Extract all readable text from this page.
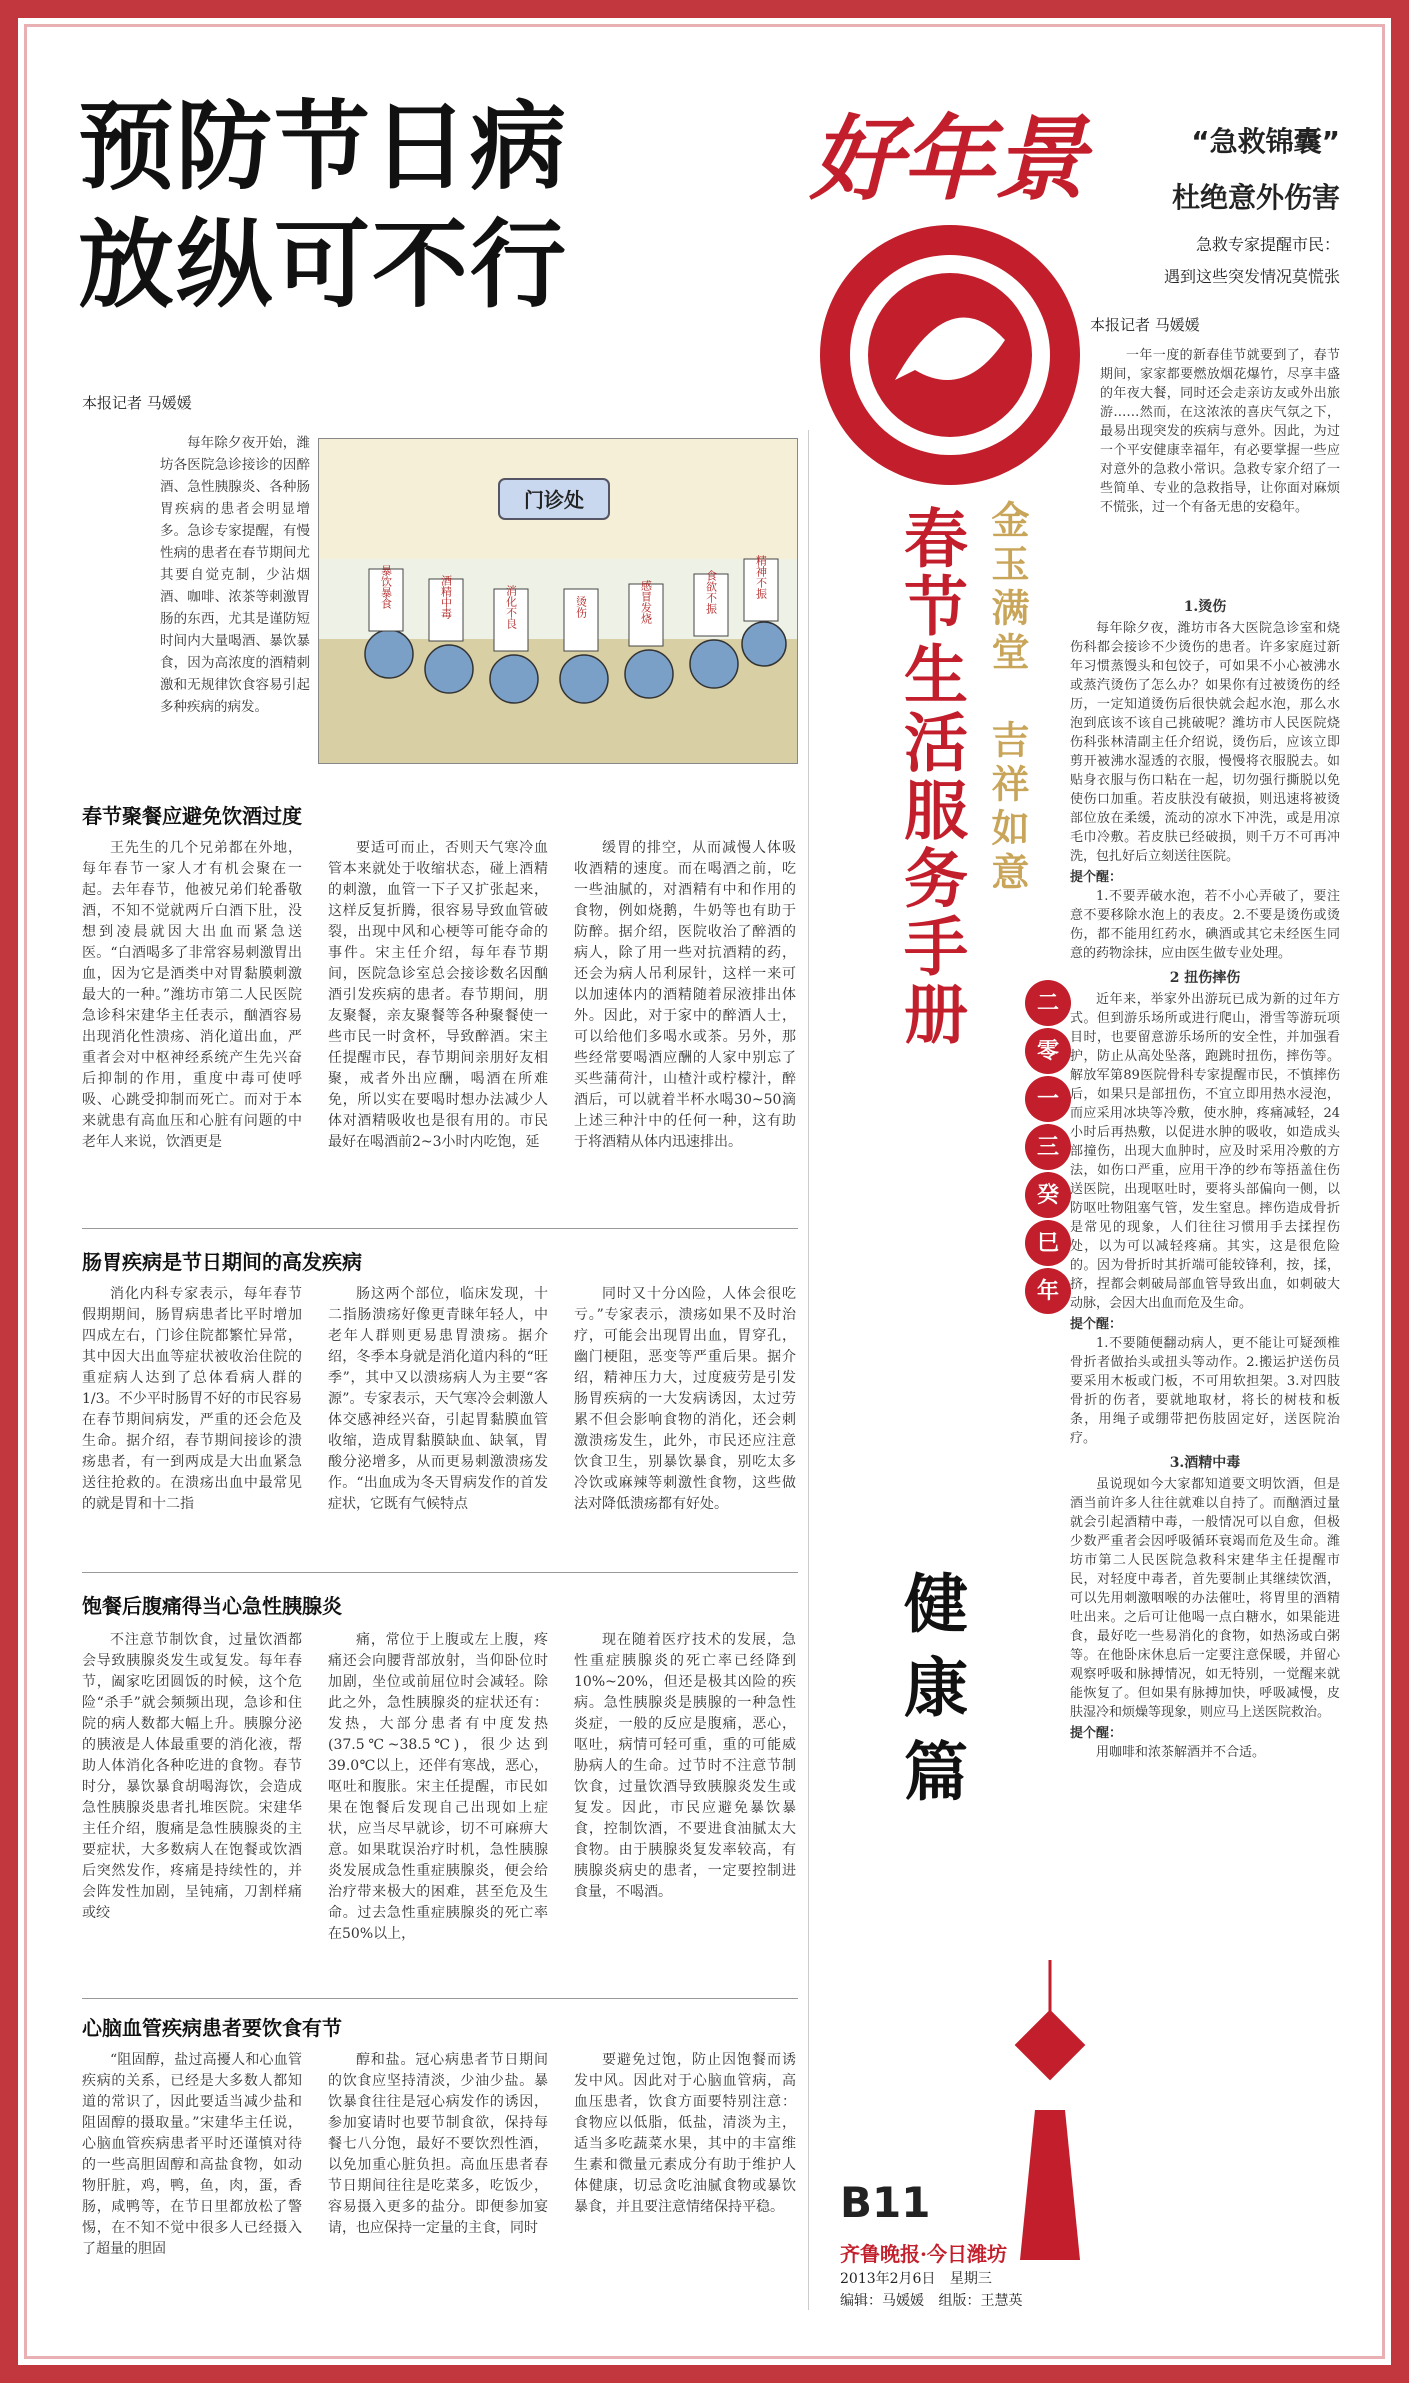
预防节日病
放纵可不行
本报记者 马媛媛

每年除夕夜开始，潍坊各医院急诊接诊的因醉酒、急性胰腺炎、各种肠胃疾病的患者会明显增多。急诊专家提醒，有慢性病的患者在春节期间尤其要自觉克制，少沾烟酒、咖啡、浓茶等刺激胃肠的东西，尤其是谨防短时间内大量喝酒、暴饮暴食，因为高浓度的酒精刺激和无规律饮食容易引起多种疾病的病发。

门诊处
暴饮暴食	酒精中毒	消化不良	烫伤	感冒发烧	食欲不振	精神不振
春节聚餐应避免饮酒过度

王先生的几个兄弟都在外地，每年春节一家人才有机会聚在一起。去年春节，他被兄弟们轮番敬酒，不知不觉就两斤白酒下肚，没想到凌晨就因大出血而紧急送医。“白酒喝多了非常容易刺激胃出血，因为它是酒类中对胃黏膜刺激最大的一种。”潍坊市第二人民医院急诊科宋建华主任表示，酗酒容易出现消化性溃疡、消化道出血，严重者会对中枢神经系统产生先兴奋后抑制的作用，重度中毒可使呼吸、心跳受抑制而死亡。而对于本来就患有高血压和心脏有问题的中老年人来说，饮酒更是

要适可而止，否则天气寒冷血管本来就处于收缩状态，碰上酒精的刺激，血管一下子又扩张起来，这样反复折腾，很容易导致血管破裂，出现中风和心梗等可能夺命的事件。宋主任介绍，每年春节期间，医院急诊室总会接诊数名因酗酒引发疾病的患者。春节期间，朋友聚餐，亲友聚餐等各种聚餐使一些市民一时贪杯，导致醉酒。宋主任提醒市民，春节期间亲朋好友相聚，戒者外出应酬，喝酒在所难免，所以实在要喝时想办法减少人体对酒精吸收也是很有用的。市民最好在喝酒前2~3小时内吃饱，延

缓胃的排空，从而减慢人体吸收酒精的速度。而在喝酒之前，吃一些油腻的，对酒精有中和作用的食物，例如烧鹅，牛奶等也有助于防醉。据介绍，医院收治了醉酒的病人，除了用一些对抗酒精的药，还会为病人吊利尿针，这样一来可以加速体内的酒精随着尿液排出体外。因此，对于家中的醉酒人士，可以给他们多喝水或茶。另外，那些经常要喝酒应酬的人家中别忘了买些蒲荷汁，山楂汁或柠檬汁，醉酒后，可以就着半杯水喝30~50滴上述三种汁中的任何一种，这有助于将酒精从体内迅速排出。

肠胃疾病是节日期间的高发疾病

消化内科专家表示，每年春节假期期间，肠胃病患者比平时增加四成左右，门诊住院都繁忙异常，其中因大出血等症状被收治住院的重症病人达到了总体看病人群的1/3。不少平时肠胃不好的市民容易在春节期间病发，严重的还会危及生命。据介绍，春节期间接诊的溃疡患者，有一到两成是大出血紧急送往抢救的。在溃疡出血中最常见的就是胃和十二指

肠这两个部位，临床发现，十二指肠溃疡好像更青睐年轻人，中老年人群则更易患胃溃疡。据介绍，冬季本身就是消化道内科的“旺季”，其中又以溃疡病人为主要“客源”。专家表示，天气寒冷会刺激人体交感神经兴奋，引起胃黏膜血管收缩，造成胃黏膜缺血、缺氧，胃酸分泌增多，从而更易刺激溃疡发作。“出血成为冬天胃病发作的首发症状，它既有气候特点

同时又十分凶险，人体会很吃亏。”专家表示，溃疡如果不及时治疗，可能会出现胃出血，胃穿孔，幽门梗阻，恶变等严重后果。据介绍，精神压力大，过度疲劳是引发肠胃疾病的一大发病诱因，太过劳累不但会影响食物的消化，还会刺激溃疡发生，此外，市民还应注意饮食卫生，别暴饮暴食，别吃太多冷饮或麻辣等刺激性食物，这些做法对降低溃疡都有好处。

饱餐后腹痛得当心急性胰腺炎

不注意节制饮食，过量饮酒都会导致胰腺炎发生或复发。每年春节，阖家吃团圆饭的时候，这个危险“杀手”就会频频出现，急诊和住院的病人数都大幅上升。胰腺分泌的胰液是人体最重要的消化液，帮助人体消化各种吃进的食物。春节时分，暴饮暴食胡喝海饮，会造成急性胰腺炎患者扎堆医院。宋建华主任介绍，腹痛是急性胰腺炎的主要症状，大多数病人在饱餐或饮酒后突然发作，疼痛是持续性的，并会阵发性加剧，呈钝痛，刀割样痛或绞

痛，常位于上腹或左上腹，疼痛还会向腰背部放射，当仰卧位时加剧，坐位或前屈位时会减轻。除此之外，急性胰腺炎的症状还有：发热，大部分患者有中度发热(37.5℃~38.5℃)，很少达到39.0℃以上，还伴有寒战，恶心，呕吐和腹胀。宋主任提醒，市民如果在饱餐后发现自己出现如上症状，应当尽早就诊，切不可麻痹大意。如果耽误治疗时机，急性胰腺炎发展成急性重症胰腺炎，便会给治疗带来极大的困难，甚至危及生命。过去急性重症胰腺炎的死亡率在50%以上，

现在随着医疗技术的发展，急性重症胰腺炎的死亡率已经降到10%~20%，但还是极其凶险的疾病。急性胰腺炎是胰腺的一种急性炎症，一般的反应是腹痛，恶心，呕吐，病情可轻可重，重的可能威胁病人的生命。过节时不注意节制饮食，过量饮酒导致胰腺炎发生或复发。因此，市民应避免暴饮暴食，控制饮酒，不要进食油腻太大食物。由于胰腺炎复发率较高，有胰腺炎病史的患者，一定要控制进食量，不喝酒。

心脑血管疾病患者要饮食有节

“阻固醇，盐过高擾人和心血管疾病的关系，已经是大多数人都知道的常识了，因此要适当减少盐和阻固醇的摄取量。”宋建华主任说，心脑血管疾病患者平时还谨慎对待的一些高胆固醇和高盐食物，如动物肝脏，鸡，鸭，鱼，肉，蛋，香肠，咸鸭等，在节日里都放松了警惕，在不知不觉中很多人已经摄入了超量的胆固

醇和盐。冠心病患者节日期间的饮食应坚持清淡，少油少盐。暴饮暴食往往是冠心病发作的诱因，参加宴请时也要节制食欲，保持每餐七八分饱，最好不要饮烈性酒，以免加重心脏负担。高血压患者春节日期间往往是吃菜多，吃饭少，容易摄入更多的盐分。即便参加宴请，也应保持一定量的主食，同时

要避免过饱，防止因饱餐而诱发中风。因此对于心脑血管病，高血压患者，饮食方面要特别注意：食物应以低脂，低盐，清淡为主，适当多吃蔬菜水果，其中的丰富维生素和微量元素成分有助于维护人体健康，切忌贪吃油腻食物或暴饮暴食，并且要注意情绪保持平稳。

好年景
春节生活服务手册 金玉满堂
吉祥如意
二
零
一
三
癸
巳
年
健康篇
“急救锦囊”
杜绝意外伤害
急救专家提醒市民：
遇到这些突发情况莫慌张
本报记者 马媛媛

一年一度的新春佳节就要到了，春节期间，家家都要燃放烟花爆竹，尽享丰盛的年夜大餐，同时还会走亲访友或外出旅游……然而，在这浓浓的喜庆气氛之下，最易出现突发的疾病与意外。因此，为过一个平安健康幸福年，有必要掌握一些应对意外的急救小常识。急救专家介绍了一些简单、专业的急救指导，让你面对麻烦不慌张，过一个有备无患的安稳年。

1.烫伤

每年除夕夜，潍坊市各大医院急诊室和烧伤科都会接诊不少烫伤的患者。许多家庭过新年习惯蒸馒头和包饺子，可如果不小心被沸水或蒸汽烫伤了怎么办？如果你有过被烫伤的经历，一定知道烫伤后很快就会起水泡，那么水泡到底该不该自己挑破呢？潍坊市人民医院烧伤科张林清副主任介绍说，烫伤后，应该立即剪开被沸水湿透的衣服，慢慢将衣服脱去。如贴身衣服与伤口粘在一起，切勿强行撕脱以免使伤口加重。若皮肤没有破损，则迅速将被烫部位放在柔缓，流动的凉水下冲洗，或是用凉毛巾冷敷。若皮肤已经破损，则千万不可再冲洗，包扎好后立刻送往医院。

提个醒：

1.不要弄破水泡，若不小心弄破了，要注意不要移除水泡上的表皮。2.不要是烫伤或烫伤，都不能用红药水，碘酒或其它未经医生同意的药物涂抹，应由医生做专业处理。

2 扭伤摔伤

近年来，举家外出游玩已成为新的过年方式。但到游乐场所或进行爬山，滑雪等游玩项目时，也要留意游乐场所的安全性，并加强看护，防止从高处坠落，跑跳时扭伤，摔伤等。解放军第89医院骨科专家提醒市民，不慎摔伤后，如果只是部扭伤，不宜立即用热水浸泡，而应采用冰块等冷敷，使水肿，疼痛减轻，24小时后再热敷，以促进水肿的吸收，如造成头部撞伤，出现大血肿时，应及时采用冷敷的方法，如伤口严重，应用干净的纱布等捂盖住伤送医院，出现呕吐时，要将头部偏向一侧，以防呕吐物阻塞气管，发生窒息。摔伤造成骨折是常见的现象，人们往往习惯用手去揉捏伤处，以为可以减轻疼痛。其实，这是很危险的。因为骨折时其折端可能较锋利，按，揉，挤，捏都会刺破局部血管导致出血，如刺破大动脉，会因大出血而危及生命。

提个醒：

1.不要随便翻动病人，更不能让可疑颈椎骨折者做抬头或扭头等动作。2.搬运护送伤员要采用木板或门板，不可用软担架。3.对四肢骨折的伤者，要就地取材，将长的树枝和板条，用绳子或绷带把伤肢固定好，送医院治疗。

3.酒精中毒

虽说现如今大家都知道要文明饮酒，但是酒当前许多人往往就难以自持了。而酗酒过量就会引起酒精中毒，一般情况可以自愈，但极少数严重者会因呼吸循环衰竭而危及生命。潍坊市第二人民医院急救科宋建华主任提醒市民，对轻度中毒者，首先要制止其继续饮酒，可以先用刺激咽喉的办法催吐，将胃里的酒精吐出来。之后可让他喝一点白糖水，如果能进食，最好吃一些易消化的食物，如热汤或白粥等。在他卧床休息后一定要注意保暖，并留心观察呼吸和脉搏情况，如无特别，一觉醒来就能恢复了。但如果有脉搏加快，呼吸减慢，皮肤湿冷和烦燥等现象，则应马上送医院救治。

提个醒：

用咖啡和浓茶解酒并不合适。

B11
齐鲁晚报·今日潍坊
2013年2月6日 星期三
编辑：马媛媛 组版：王慧英
